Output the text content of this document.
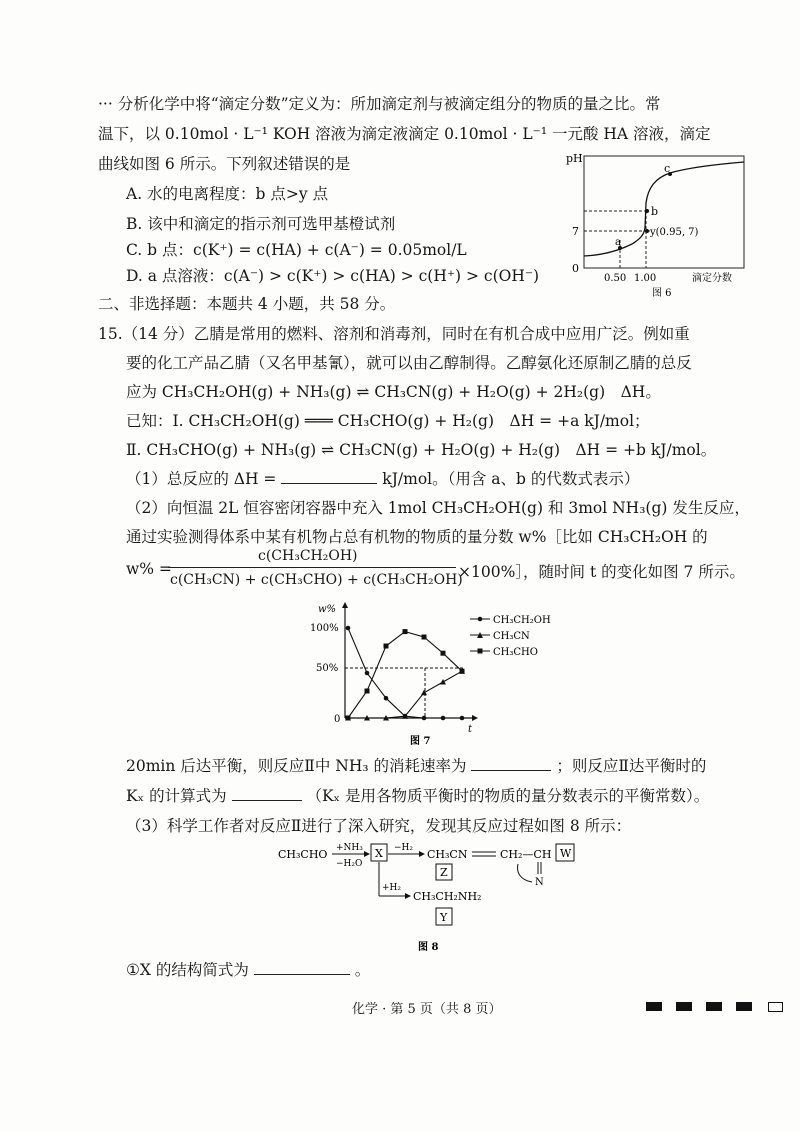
··· 分析化学中将“滴定分数”定义为：所加滴定剂与被滴定组分的物质的量之比。常
温下，以 0.10mol · L⁻¹ KOH 溶液为滴定液滴定 0.10mol · L⁻¹ 一元酸 HA 溶液，滴定
曲线如图 6 所示。下列叙述错误的是
A. 水的电离程度：b 点>y 点
B. 该中和滴定的指示剂可选甲基橙试剂
C. b 点：c(K⁺) = c(HA) + c(A⁻) = 0.05mol/L
D. a 点溶液：c(A⁻) > c(K⁺) > c(HA) > c(H⁺) > c(OH⁻)
pH
0
7
0.50 1.00	滴定分数
a
b
c
y(0.95, 7)
图 6
二、非选择题：本题共 4 小题，共 58 分。
15.（14 分）乙腈是常用的燃料、溶剂和消毒剂，同时在有机合成中应用广泛。例如重
要的化工产品乙腈（又名甲基氰），就可以由乙醇制得。乙醇氨化还原制乙腈的总反
应为 CH₃CH₂OH(g) + NH₃(g) ⇌ CH₃CN(g) + H₂O(g) + 2H₂(g)　ΔH。
已知：Ⅰ. CH₃CH₂OH(g) ═══ CH₃CHO(g) + H₂(g)　ΔH = +a kJ/mol；
Ⅱ. CH₃CHO(g) + NH₃(g) ⇌ CH₃CN(g) + H₂O(g) + H₂(g)　ΔH = +b kJ/mol。
（1）总反应的 ΔH =	kJ/mol。（用含 a、b 的代数式表示）
（2）向恒温 2L 恒容密闭容器中充入 1mol CH₃CH₂OH(g) 和 3mol NH₃(g) 发生反应，
通过实验测得体系中某有机物占总有机物的物质的量分数 w%［比如 CH₃CH₂OH 的
w% =
c(CH₃CH₂OH)
c(CH₃CN) + c(CH₃CHO) + c(CH₃CH₂OH)
×100%］，随时间 t 的变化如图 7 所示。
w%
t
0
50%
100%
CH₃CH₂OH
CH₃CN
CH₃CHO
图 7
20min 后达平衡，则反应Ⅱ中 NH₃ 的消耗速率为	；则反应Ⅱ达平衡时的
Kₓ 的计算式为	（Kₓ 是用各物质平衡时的物质的量分数表示的平衡常数）。
（3）科学工作者对反应Ⅱ进行了深入研究，发现其反应过程如图 8 所示：
CH₃CHO +NH₃
−H₂O
X −H₂ CH₃CN
Z
CH₂—CH
N
W
+H₂
CH₃CH₂NH₂
Y
图 8
①X 的结构简式为	。
化学 · 第 5 页（共 8 页）
